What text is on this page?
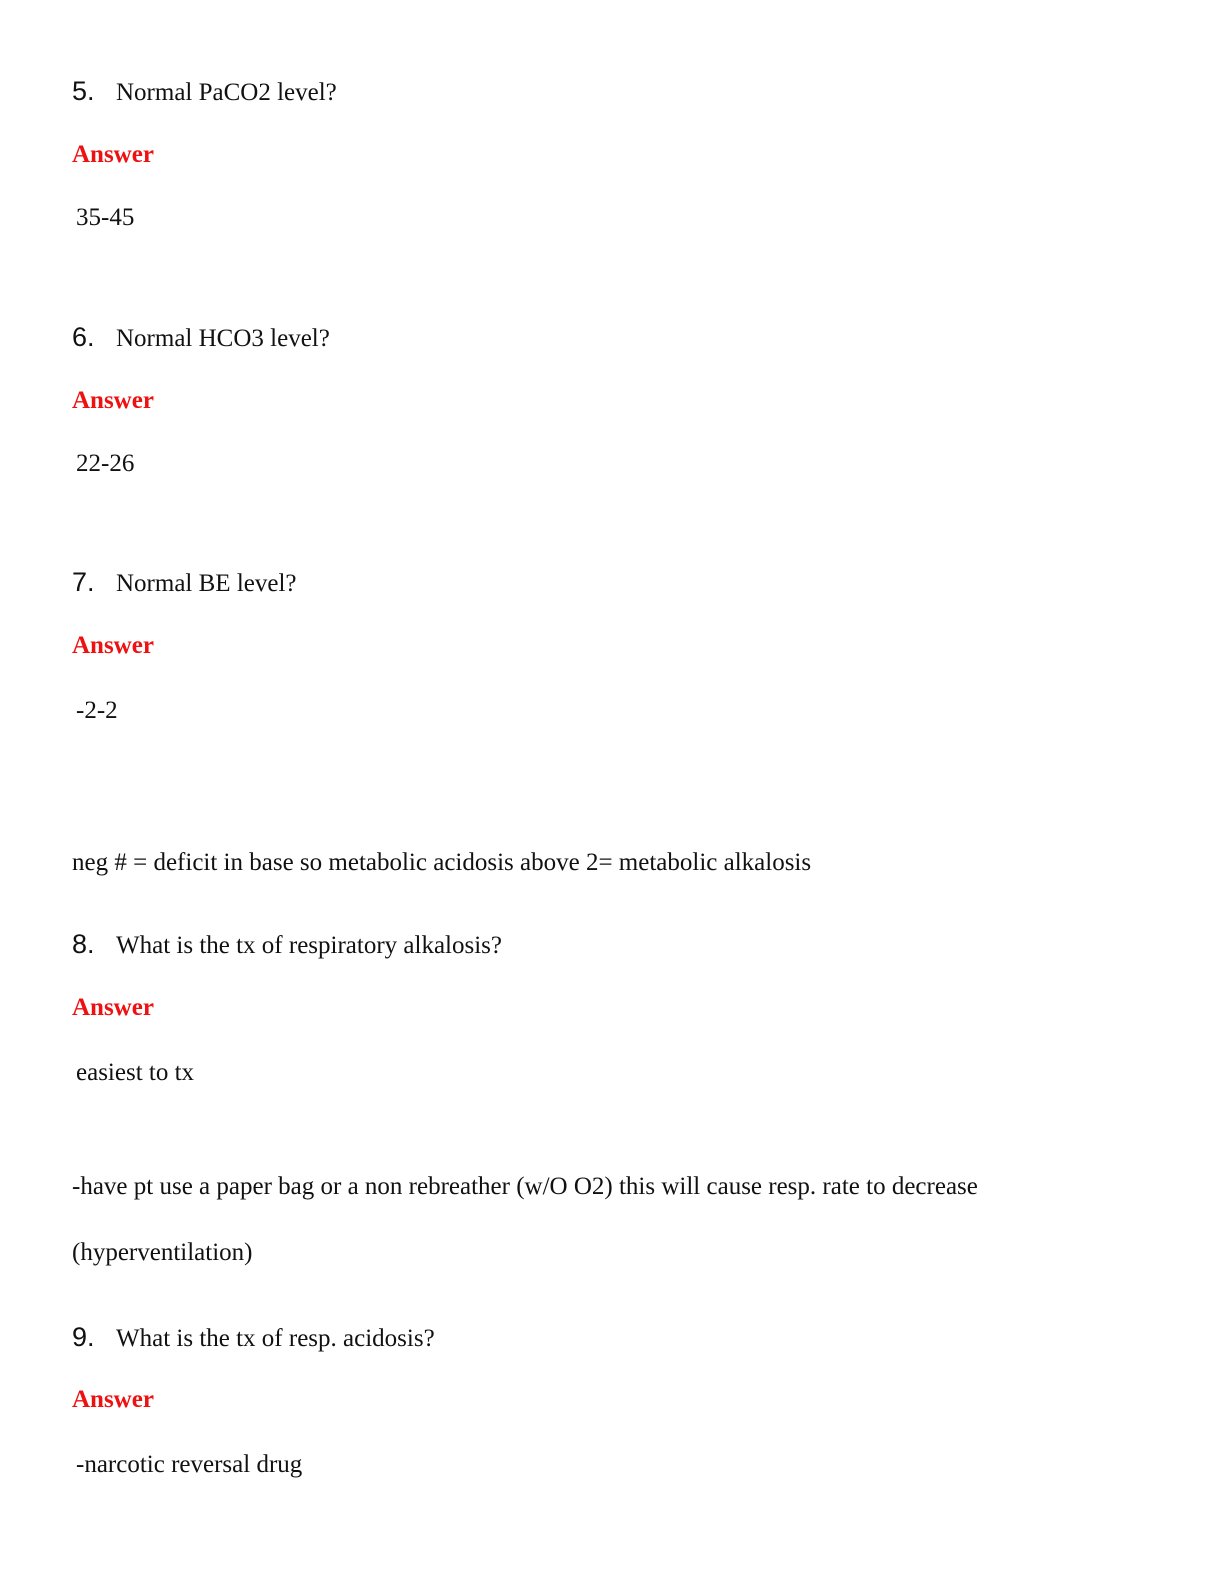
5. Normal PaCO2 level?
Answer
35-45
6. Normal HCO3 level?
Answer
22-26
7. Normal BE level?
Answer
-2-2
neg # = deficit in base so metabolic acidosis above 2= metabolic alkalosis
8. What is the tx of respiratory alkalosis?
Answer
easiest to tx
-have pt use a paper bag or a non rebreather (w/O O2) this will cause resp. rate to decrease
(hyperventilation)
9. What is the tx of resp. acidosis?
Answer
-narcotic reversal drug
